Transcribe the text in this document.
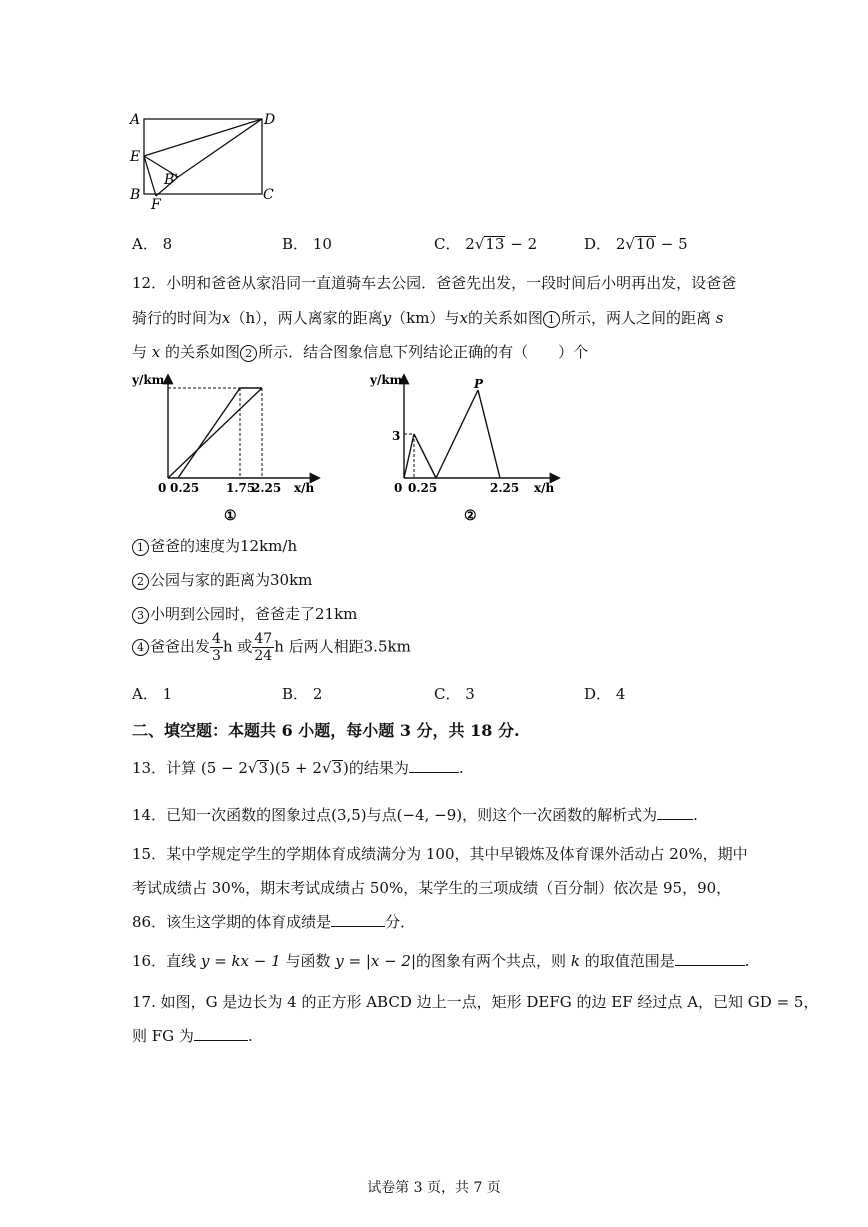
A	D
E
B'
B
F
C
A． 8	B． 10	C． 2√13 − 2	D． 2√10 − 5
12．小明和爸爸从家沿同一直道骑车去公园．爸爸先出发，一段时间后小明再出发，设爸爸
骑行的时间为x（h），两人离家的距离y（km）与x的关系如图 1 所示，两人之间的距离 s
与 x 的关系如图 2 所示．结合图象信息下列结论正确的有（　　）个
y/km
0 0.25 1.75
2.25 x/h
①
y/km
3
P
0 0.25	2.25 x/h
②
1 爸爸的速度为12km/h
2 公园与家的距离为30km
3 小明到公园时，爸爸走了21km
4 爸爸出发 $\frac{4}{3}$ h 或 $\frac{47}{24}$ h 后两人相距3.5km
A． 1	B． 2	C． 3	D． 4
二、填空题：本题共 6 小题，每小题 3 分，共 18 分.
13．计算 (5 − 2√3)(5 + 2√3)的结果为	.
14．已知一次函数的图象过点(3,5)与点(−4, −9)，则这个一次函数的解析式为 .
15．某中学规定学生的学期体育成绩满分为 100，其中早锻炼及体育课外活动占 20%，期中
考试成绩占 30%，期末考试成绩占 50%，某学生的三项成绩（百分制）依次是 95，90，
86．该生这学期的体育成绩是	分．
16．直线 y = kx − 1 与函数 y = |x − 2|的图象有两个共点，则 k 的取值范围是	.
17. 如图，G 是边长为 4 的正方形 ABCD 边上一点，矩形 DEFG 的边 EF 经过点 A，已知 GD = 5，
则 FG 为	.
试卷第 3 页，共 7 页
